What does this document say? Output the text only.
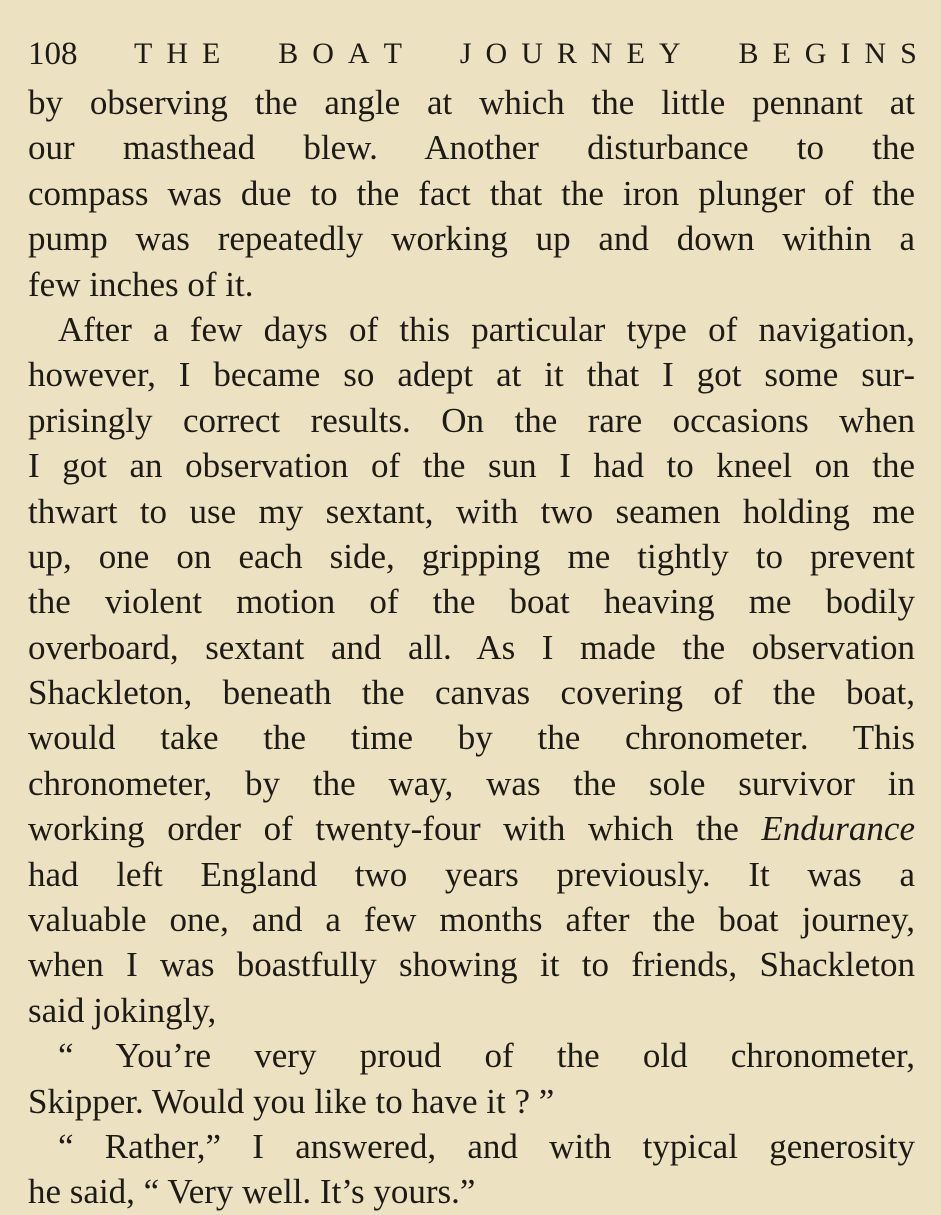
108 T H E B O A T J O U R N E Y B E G I N S
by observing the angle at which the little pennant at
our masthead blew. Another disturbance to the
compass was due to the fact that the iron plunger of the
pump was repeatedly working up and down within a
few inches of it.
After a few days of this particular type of navigation,
however, I became so adept at it that I got some sur-
prisingly correct results. On the rare occasions when
I got an observation of the sun I had to kneel on the
thwart to use my sextant, with two seamen holding me
up, one on each side, gripping me tightly to prevent
the violent motion of the boat heaving me bodily
overboard, sextant and all. As I made the observation
Shackleton, beneath the canvas covering of the boat,
would take the time by the chronometer. This
chronometer, by the way, was the sole survivor in
working order of twenty-four with which the Endurance
had left England two years previously. It was a
valuable one, and a few months after the boat journey,
when I was boastfully showing it to friends, Shackleton
said jokingly,
“ You’re very proud of the old chronometer,
Skipper. Would you like to have it ? ”
“ Rather,” I answered, and with typical generosity
he said, “ Very well. It’s yours.”
